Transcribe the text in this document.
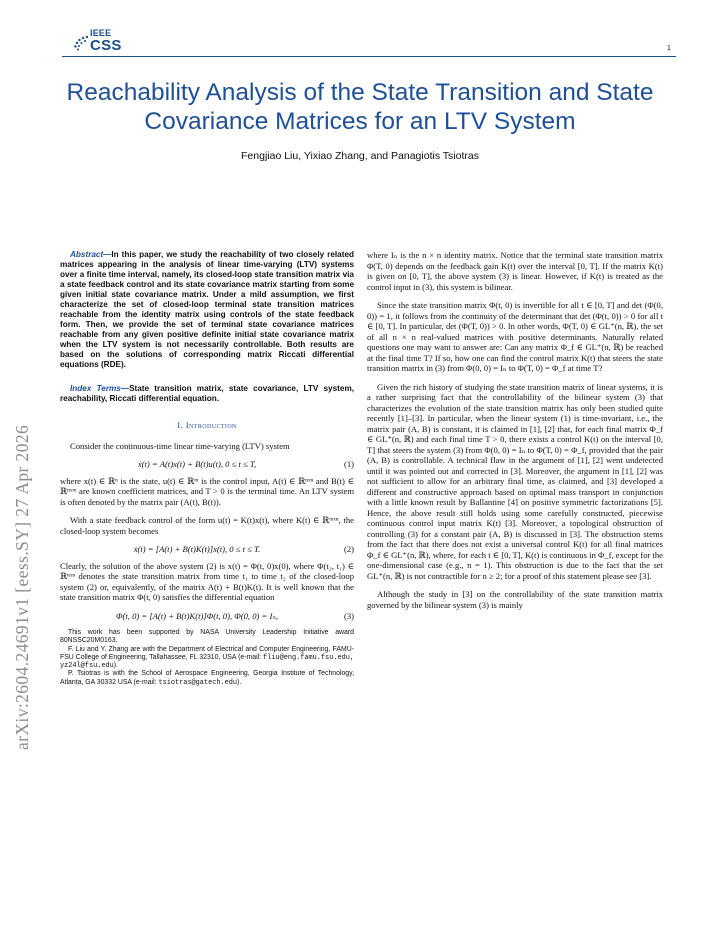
IEEE
CSS	1
Reachability Analysis of the State Transition and State Covariance Matrices for an LTV System
Fengjiao Liu, Yixiao Zhang, and Panagiotis Tsiotras
arXiv:2604.24691v1 [eess.SY] 27 Apr 2026

Abstract—In this paper, we study the reachability of two closely related matrices appearing in the analysis of linear time-varying (LTV) systems over a finite time interval, namely, its closed-loop state transition matrix via a state feedback control and its state covariance matrix starting from some given initial state covariance matrix. Under a mild assumption, we first characterize the set of closed-loop terminal state transition matrices reachable from the identity matrix using controls of the state feedback form. Then, we provide the set of terminal state covariance matrices reachable from any given positive definite initial state covariance matrix when the LTV system is not necessarily controllable. Both results are based on the solutions of corresponding matrix Riccati differential equations (RDE).

Index Terms—State transition matrix, state covariance, LTV system, reachability, Riccati differential equation.

I. Introduction

Consider the continuous-time linear time-varying (LTV) system

ẋ(t) = A(t)x(t) + B(t)u(t), 0 ≤ t ≤ T,	(1)

where x(t) ∈ ℝⁿ is the state, u(t) ∈ ℝᵐ is the control input, A(t) ∈ ℝⁿˣⁿ and B(t) ∈ ℝⁿˣᵐ are known coefficient matrices, and T > 0 is the terminal time. An LTV system is often denoted by the matrix pair (A(t), B(t)).

With a state feedback control of the form u(t) = K(t)x(t), where K(t) ∈ ℝᵐˣⁿ, the closed-loop system becomes

ẋ(t) = [A(t) + B(t)K(t)]x(t), 0 ≤ t ≤ T.	(2)

Clearly, the solution of the above system (2) is x(t) = Φ(t, 0)x(0), where Φ(t₂, t₁) ∈ ℝⁿˣⁿ denotes the state transition matrix from time t₁ to time t₂ of the closed-loop system (2) or, equivalently, of the matrix A(t) + B(t)K(t). It is well known that the state transition matrix Φ(t, 0) satisfies the differential equation

Φ̇(t, 0) = [A(t) + B(t)K(t)]Φ(t, 0), Φ(0, 0) = Iₙ,	(3)

This work has been supported by NASA University Leadership Initiative award 80NSSC20M0163.

F. Liu and Y. Zhang are with the Department of Electrical and Computer Engineering, FAMU-FSU College of Engineering, Tallahassee, FL 32310, USA (e-mail: fliu@eng.famu.fsu.edu, yz24l@fsu.edu).

P. Tsiotras is with the School of Aerospace Engineering, Georgia Institute of Technology, Atlanta, GA 30332 USA (e-mail: tsiotras@gatech.edu).

where Iₙ is the n × n identity matrix. Notice that the terminal state transition matrix Φ(T, 0) depends on the feedback gain K(t) over the interval [0, T]. If the matrix K(t) is given on [0, T], the above system (3) is linear. However, if K(t) is treated as the control input in (3), this system is bilinear.

Since the state transition matrix Φ(t, 0) is invertible for all t ∈ [0, T] and det (Φ(0, 0)) = 1, it follows from the continuity of the determinant that det (Φ(t, 0)) > 0 for all t ∈ [0, T]. In particular, det (Φ(T, 0)) > 0. In other words, Φ(T, 0) ∈ GL⁺(n, ℝ), the set of all n × n real-valued matrices with positive determinants. Naturally related questions one may want to answer are: Can any matrix Φ_f ∈ GL⁺(n, ℝ) be reached at the final time T? If so, how one can find the control matrix K(t) that steers the state transition matrix in (3) from Φ(0, 0) = Iₙ to Φ(T, 0) = Φ_f at time T?

Given the rich history of studying the state transition matrix of linear systems, it is a rather surprising fact that the controllability of the bilinear system (3) that characterizes the evolution of the state transition matrix has only been studied quite recently [1]–[3]. In particular, when the linear system (1) is time-invariant, i.e., the matrix pair (A, B) is constant, it is claimed in [1], [2] that, for each final matrix Φ_f ∈ GL⁺(n, ℝ) and each final time T > 0, there exists a control K(t) on the interval [0, T] that steers the system (3) from Φ(0, 0) = Iₙ to Φ(T, 0) = Φ_f, provided that the pair (A, B) is controllable. A technical flaw in the argument of [1], [2] went undetected until it was pointed out and corrected in [3]. Moreover, the argument in [1], [2] was not sufficient to allow for an arbitrary final time, as claimed, and [3] developed a different and constructive approach based on optimal mass transport in conjunction with a little known result by Ballantine [4] on positive symmetric factorizations [5]. Hence, the above result still holds using some carefully constructed, piecewise continuous control input matrix K(t) [3]. Moreover, a topological obstruction of controlling (3) for a constant pair (A, B) is discussed in [3]. The obstruction stems from the fact that there does not exist a universal control K(t) for all final matrices Φ_f ∈ GL⁺(n, ℝ), where, for each t ∈ [0, T], K(t) is continuous in Φ_f, except for the one-dimensional case (e.g., n = 1). This obstruction is due to the fact that the set GL⁺(n, ℝ) is not contractible for n ≥ 2; for a proof of this statement please see [3].

Although the study in [3] on the controllability of the state transition matrix governed by the bilinear system (3) is mainly
